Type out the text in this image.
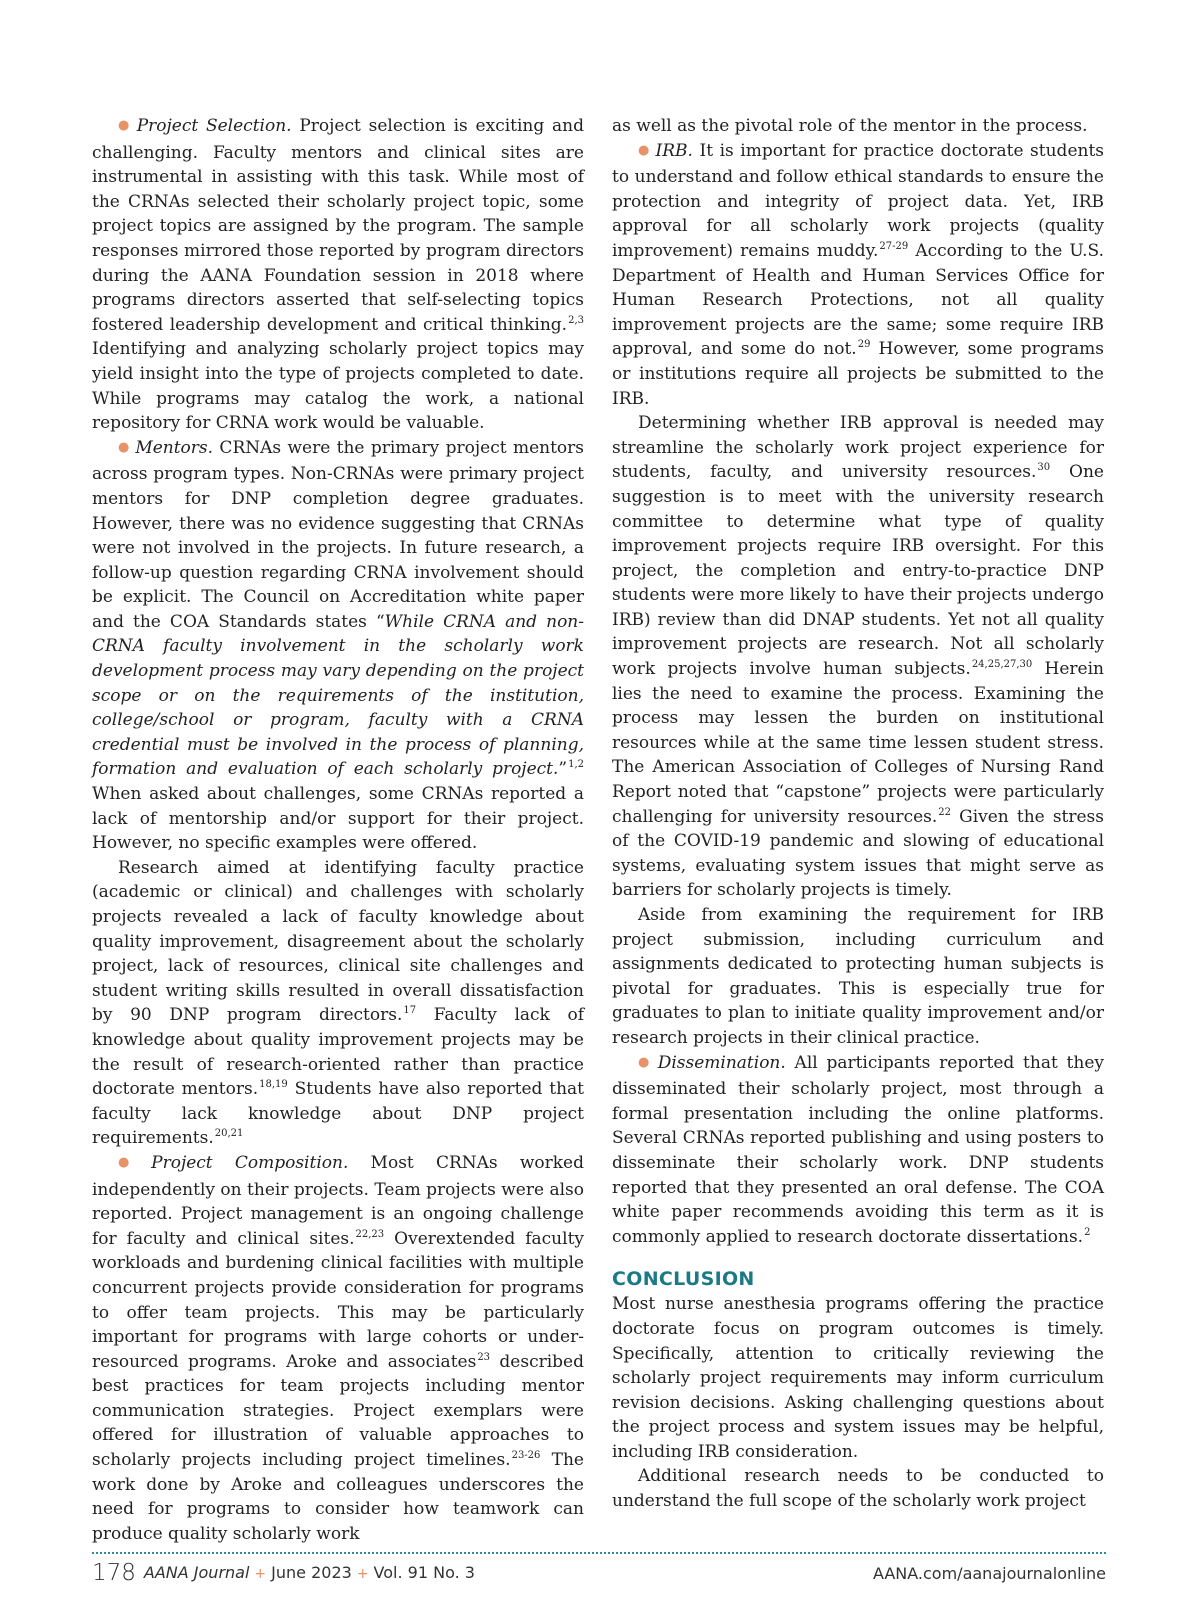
● Project Selection. Project selection is exciting and challenging. Faculty mentors and clinical sites are instrumental in assisting with this task. While most of the CRNAs selected their scholarly project topic, some project topics are assigned by the program. The sample responses mirrored those reported by program directors during the AANA Foundation session in 2018 where programs directors asserted that self-selecting topics fostered leadership development and critical thinking.$^{2,3}$ Identifying and analyzing scholarly project topics may yield insight into the type of projects completed to date. While programs may catalog the work, a national repository for CRNA work would be valuable.

● Mentors. CRNAs were the primary project mentors across program types. Non-CRNAs were primary project mentors for DNP completion degree graduates. However, there was no evidence suggesting that CRNAs were not involved in the projects. In future research, a follow-up question regarding CRNA involvement should be explicit. The Council on Accreditation white paper and the COA Standards states “While CRNA and non-CRNA faculty involvement in the scholarly work development process may vary depending on the project scope or on the requirements of the institution, college/school or program, faculty with a CRNA credential must be involved in the process of planning, formation and evaluation of each scholarly project.”$^{1,2}$ When asked about challenges, some CRNAs reported a lack of mentorship and/or support for their project. However, no specific examples were offered.

Research aimed at identifying faculty practice (academic or clinical) and challenges with scholarly projects revealed a lack of faculty knowledge about quality improvement, disagreement about the scholarly project, lack of resources, clinical site challenges and student writing skills resulted in overall dissatisfaction by 90 DNP program directors.$^{17}$ Faculty lack of knowledge about quality improvement projects may be the result of research-oriented rather than practice doctorate mentors.$^{18,19}$ Students have also reported that faculty lack knowledge about DNP project requirements.$^{20,21}$

● Project Composition. Most CRNAs worked independently on their projects. Team projects were also reported. Project management is an ongoing challenge for faculty and clinical sites.$^{22,23}$ Overextended faculty workloads and burdening clinical facilities with multiple concurrent projects provide consideration for programs to offer team projects. This may be particularly important for programs with large cohorts or under-resourced programs. Aroke and associates$^{23}$ described best practices for team projects including mentor communication strategies. Project exemplars were offered for illustration of valuable approaches to scholarly projects including project timelines.$^{23-26}$ The work done by Aroke and colleagues underscores the need for programs to consider how teamwork can produce quality scholarly work

as well as the pivotal role of the mentor in the process.

● IRB. It is important for practice doctorate students to understand and follow ethical standards to ensure the protection and integrity of project data. Yet, IRB approval for all scholarly work projects (quality improvement) remains muddy.$^{27-29}$ According to the U.S. Department of Health and Human Services Office for Human Research Protections, not all quality improvement projects are the same; some require IRB approval, and some do not.$^{29}$ However, some programs or institutions require all projects be submitted to the IRB.

Determining whether IRB approval is needed may streamline the scholarly work project experience for students, faculty, and university resources.$^{30}$ One suggestion is to meet with the university research committee to determine what type of quality improvement projects require IRB oversight. For this project, the completion and entry-to-practice DNP students were more likely to have their projects undergo IRB) review than did DNAP students. Yet not all quality improvement projects are research. Not all scholarly work projects involve human subjects.$^{24,25,27,30}$ Herein lies the need to examine the process. Examining the process may lessen the burden on institutional resources while at the same time lessen student stress. The American Association of Colleges of Nursing Rand Report noted that “capstone” projects were particularly challenging for university resources.$^{22}$ Given the stress of the COVID-19 pandemic and slowing of educational systems, evaluating system issues that might serve as barriers for scholarly projects is timely.

Aside from examining the requirement for IRB project submission, including curriculum and assignments dedicated to protecting human subjects is pivotal for graduates. This is especially true for graduates to plan to initiate quality improvement and/or research projects in their clinical practice.

● Dissemination. All participants reported that they disseminated their scholarly project, most through a formal presentation including the online platforms. Several CRNAs reported publishing and using posters to disseminate their scholarly work. DNP students reported that they presented an oral defense. The COA white paper recommends avoiding this term as it is commonly applied to research doctorate dissertations.$^2$

CONCLUSION

Most nurse anesthesia programs offering the practice doctorate focus on program outcomes is timely. Specifically, attention to critically reviewing the scholarly project requirements may inform curriculum revision decisions. Asking challenging questions about the project process and system issues may be helpful, including IRB consideration.

Additional research needs to be conducted to understand the full scope of the scholarly work project

178 AANA Journal + June 2023 + Vol. 91 No. 3	AANA.com/aanajournalonline
